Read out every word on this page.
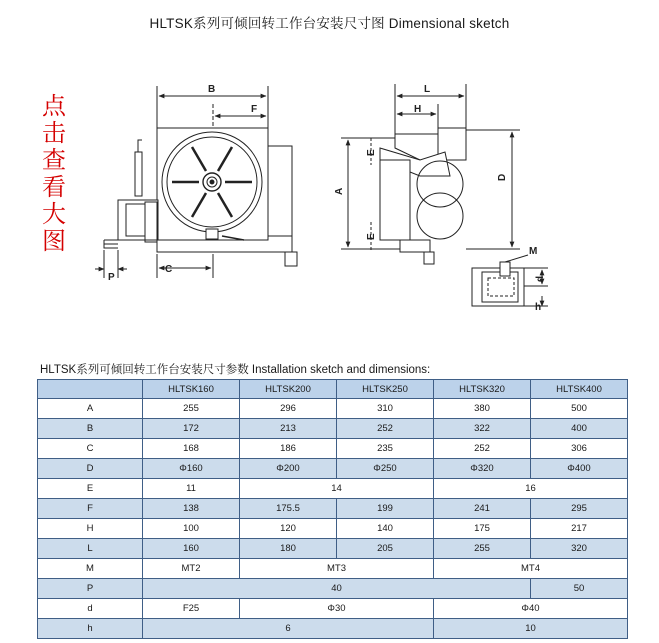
HLTSK系列可倾回转工作台安装尺寸图 Dimensional sketch
点
击
查
看
大
图
B
F
P
C
L
H
A
E
E
D
M
d
h
HLTSK系列可倾回转工作台安装尺寸参数 Installation sketch and dimensions:
	HLTSK160	HLTSK200	HLTSK250	HLTSK320	HLTSK400
A	255	296	310	380	500
B	172	213	252	322	400
C	168	186	235	252	306
D	Φ160	Φ200	Φ250	Φ320	Φ400
E	11	14		16	
F	138	175.5	199	241	295
H	100	120	140	175	217
L	160	180	205	255	320
M	MT2	MT3		MT4	
P	40				50
d	F25	Φ30		Φ40	
h	6			10	
